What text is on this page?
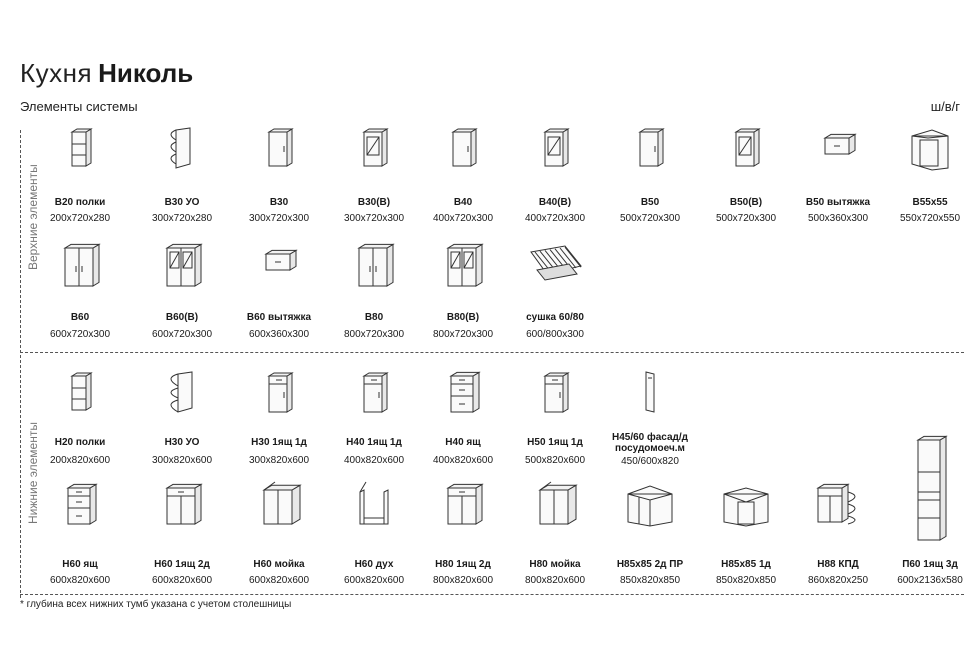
Кухня Николь
Элементы системы	ш/в/г
Верхние элементы
Нижние элементы
В20 полки
200х720х280
В30 УО
300х720х280
В30
300х720х300
В30(В)
300х720х300
В40
400х720х300
В40(В)
400х720х300
В50
500х720х300
В50(В)
500х720х300
В50 вытяжка
500х360х300
В55х55
550х720х550
В60
600х720х300
В60(В)
600х720х300
В60 вытяжка
600х360х300
В80
800х720х300
В80(В)
800х720х300
сушка 60/80
600/800х300
Н20 полки
200х820х600
Н30 УО
300х820х600
Н30 1ящ 1д
300х820х600
Н40 1ящ 1д
400х820х600
Н40 ящ
400х820х600
Н50 1ящ 1д
500х820х600
Н45/60 фасад/д посудомоеч.м
450/600х820
Н60 ящ
600х820х600
Н60 1ящ 2д
600х820х600
Н60 мойка
600х820х600
Н60 дух
600х820х600
Н80 1ящ 2д
800х820х600
Н80 мойка
800х820х600
Н85х85 2д ПР
850х820х850
Н85х85 1д
850х820х850
Н88 КПД
860х820х250
П60 1ящ 3д
600х2136х580
* глубина всех нижних тумб указана с учетом столешницы
